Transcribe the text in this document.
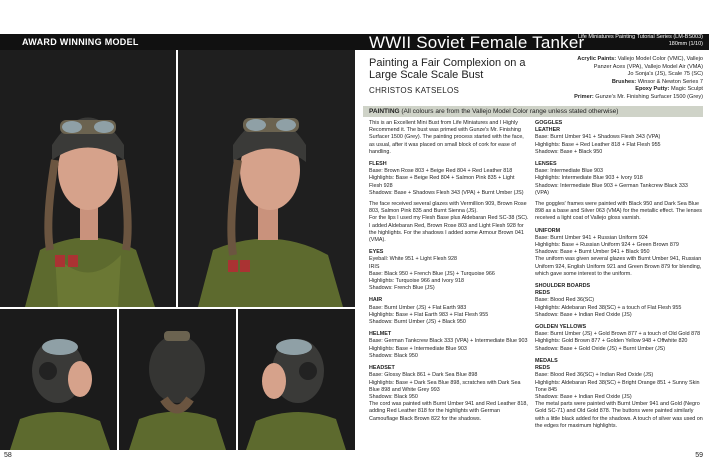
58
AWARD WINNING MODEL	WWII Soviet Female Tanker
Life Miniatures Painting Tutorial Series (LM-BS003)
180mm (1/10)
Painting a Fair Complexion on a Large Scale Scale Bust
CHRISTOS KATSELOS
Acrylic Paints: Vallejo Model Color (VMC), Vallejo
Panzer Aces (VPA), Vallejo Model Air (VMA)
Jo Sonja's (JS), Scale 75 (SC)
Brushes: Winsor & Newton Series 7
Epoxy Putty: Magic Sculpt
Primer: Gunze's Mr. Finishing Surfacer 1500 (Grey)
PAINTING (All colours are from the Vallejo Model Color range unless stated otherwise)
This is an Excellent Mini Bust from Life Miniatures and I Highly Recommend it. The bust was primed with Gunze's Mr. Finishing Surfacer 1500 (Grey). The painting process started with the face, as usual, after it was placed on small block of cork for ease of handling.
FLESH
Base: Brown Rose 803 + Beige Red 804 + Red Leather 818
Highlights: Base + Beige Red 804 + Salmon Pink 835 + Light Flesh 928
Shadows: Base + Shadows Flesh 343 (VPA) + Burnt Umber (JS)
The face received several glazes with Vermillion 909, Brown Rose 803, Salmon Pink 835 and Burnt Sienna (JS).
For the lips I used my Flesh Base plus Aldebaran Red SC-38 (SC). I added Aldebaran Red, Brown Rose 803 and Light Flesh 928 for the highlights. For the shadows I added some Armour Brown 041 (VMA).
EYES
Eyeball: White 951 + Light Flesh 928
IRIS
Base: Black 950 + French Blue (JS) + Turquoise 966
Highlights: Turquoise 966 and Ivory 918
Shadows: French Blue (JS)
HAIR
Base: Burnt Umber (JS) + Flat Earth 983
Highlights: Base + Flat Earth 983 + Flat Flesh 955
Shadows: Burnt Umber (JS) + Black 950
HELMET
Base: German Tankcrew Black 333 (VPA) + Intermediate Blue 903
Highlights: Base + Intermediate Blue 903
Shadows: Black 950
HEADSET
Base: Glossy Black 861 + Dark Sea Blue 898
Highlights: Base + Dark Sea Blue 898, scratches with Dark Sea Blue 898 and White Grey 993
Shadows: Black 950
The cord was painted with Burnt Umber 941 and Red Leather 818, adding Red Leather 818 for the highlights with German Camouflage Black Brown 822 for the shadows.
GOGGLES
LEATHER
Base: Burnt Umber 941 + Shadows Flesh 343 (VPA)
Highlights: Base + Red Leather 818 + Flat Flesh 955
Shadows: Base + Black 950
LENSES
Base: Intermediate Blue 903
Highlights: Intermediate Blue 903 + Ivory 918
Shadows: Intermediate Blue 903 + German Tankcrew Black 333 (VPA)
The goggles' frames were painted with Black 950 and Dark Sea Blue 898 as a base and Silver 063 (VMA) for the metallic effect. The lenses received a light coat of Vallejo gloss varnish.
UNIFORM
Base: Burnt Umber 941 + Russian Uniform 924
Highlights: Base + Russian Uniform 924 + Green Brown 879
Shadows: Base + Burnt Umber 941 + Black 950
The uniform was given several glazes with Burnt Umber 941, Russian Uniform 924, English Uniform 921 and Green Brown 879 for blending, which gave some interest to the uniform.
SHOULDER BOARDS
REDS
Base: Blood Red 36(SC)
Highlights: Aldebaran Red 38(SC) + a touch of Flat Flesh 955
Shadows: Base + Indian Red Oxide (JS)
GOLDEN YELLOWS
Base: Burnt Umber (JS) + Gold Brown 877 + a touch of Old Gold 878
Highlights: Gold Brown 877 + Golden Yellow 948 + Offwhite 820
Shadows: Base + Gold Oxide (JS) + Burnt Umber (JS)
MEDALS
REDS
Base: Blood Red 36(SC) + Indian Red Oxide (JS)
Highlights: Aldebaran Red 38(SC) + Bright Orange 851 + Sunny Skin Tone 845
Shadows: Base + Indian Red Oxide (JS)
The metal parts were painted with Burnt Umber 941 and Gold (Negro Gold SC-71) and Old Gold 878. The buttons were painted similarly with a little black added for the shadows. A touch of silver was used on the edges for maximum highlights.
59
